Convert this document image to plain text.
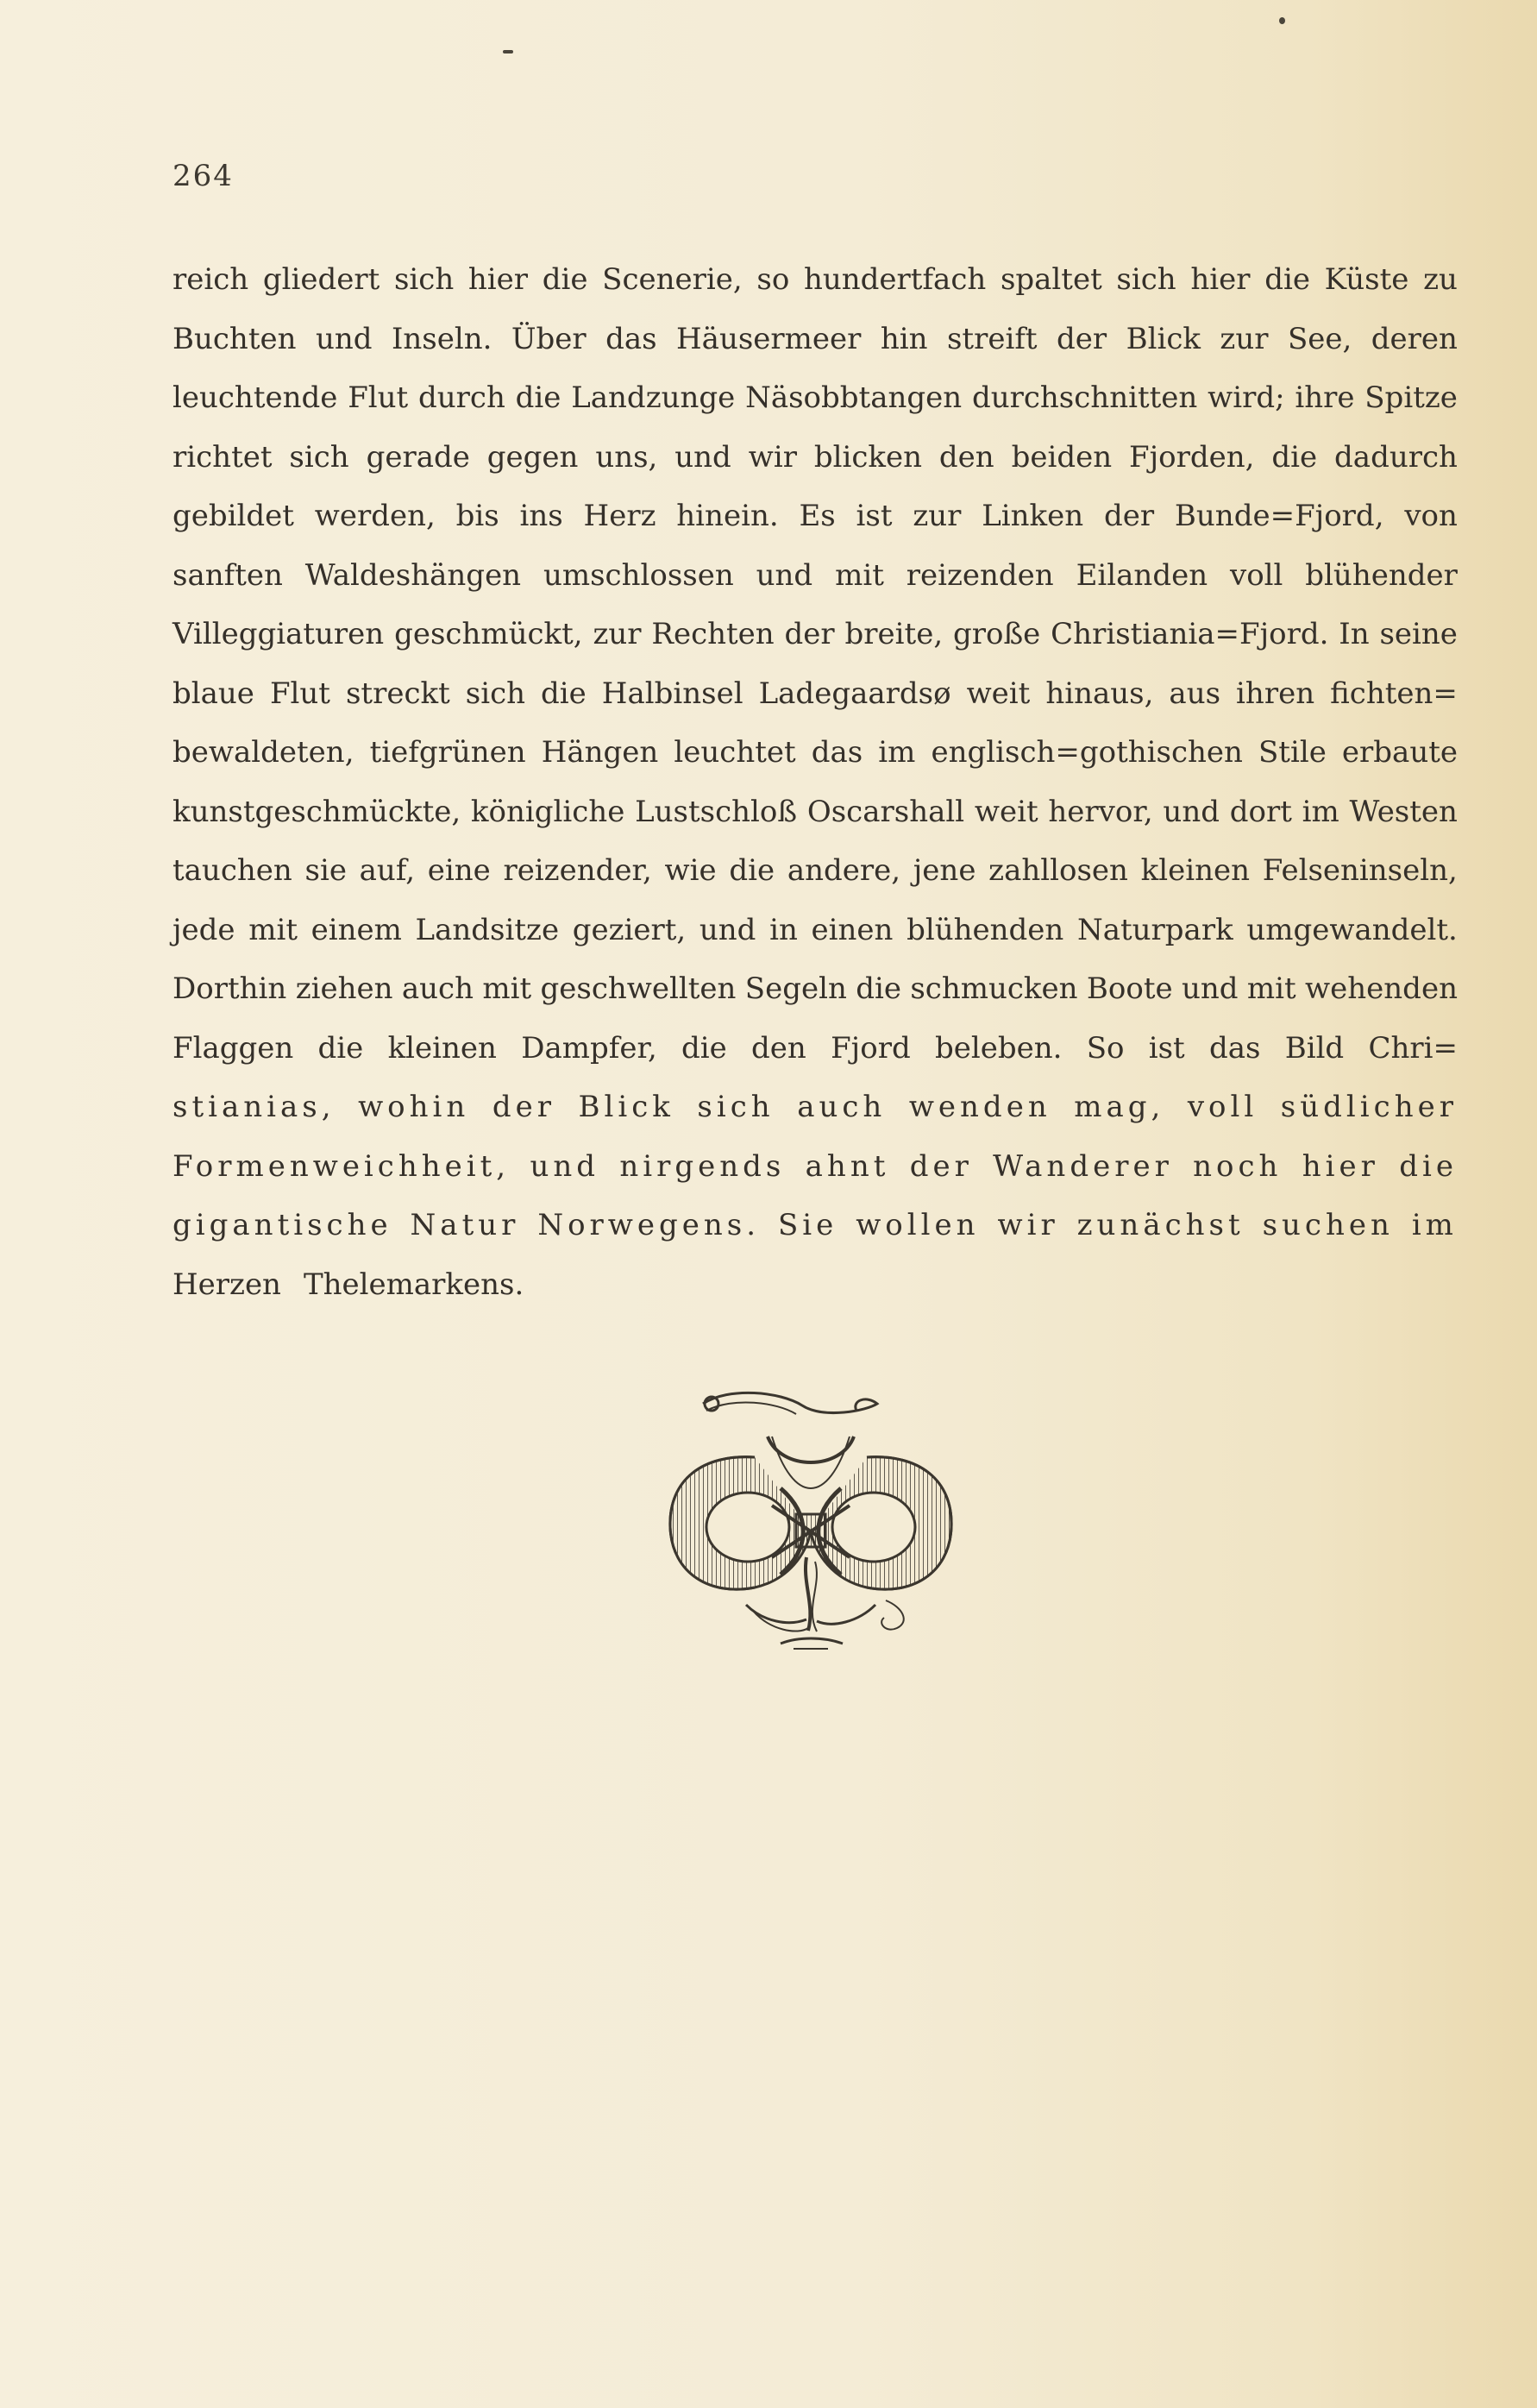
264
reich gliedert sich hier die Scenerie, so hundertfach spaltet sich hier die Küste zu
Buchten und Inseln. Über das Häusermeer hin streift der Blick zur See, deren
leuchtende Flut durch die Landzunge Näsobbtangen durchschnitten wird; ihre Spitze
richtet sich gerade gegen uns, und wir blicken den beiden Fjorden, die dadurch
gebildet werden, bis ins Herz hinein. Es ist zur Linken der Bunde=Fjord, von
sanften Waldeshängen umschlossen und mit reizenden Eilanden voll blühender
Villeggiaturen geschmückt, zur Rechten der breite, große Christiania=Fjord. In seine
blaue Flut streckt sich die Halbinsel Ladegaardsø weit hinaus, aus ihren fichten=
bewaldeten, tiefgrünen Hängen leuchtet das im englisch=gothischen Stile erbaute
kunstgeschmückte, königliche Lustschloß Oscarshall weit hervor, und dort im Westen
tauchen sie auf, eine reizender, wie die andere, jene zahllosen kleinen Felseninseln,
jede mit einem Landsitze geziert, und in einen blühenden Naturpark umgewandelt.
Dorthin ziehen auch mit geschwellten Segeln die schmucken Boote und mit wehenden
Flaggen die kleinen Dampfer, die den Fjord beleben. So ist das Bild Chri=
stianias, wohin der Blick sich auch wenden mag, voll südlicher
Formenweichheit, und nirgends ahnt der Wanderer noch hier die
gigantische Natur Norwegens. Sie wollen wir zunächst suchen im
Herzen Thelemarkens.
